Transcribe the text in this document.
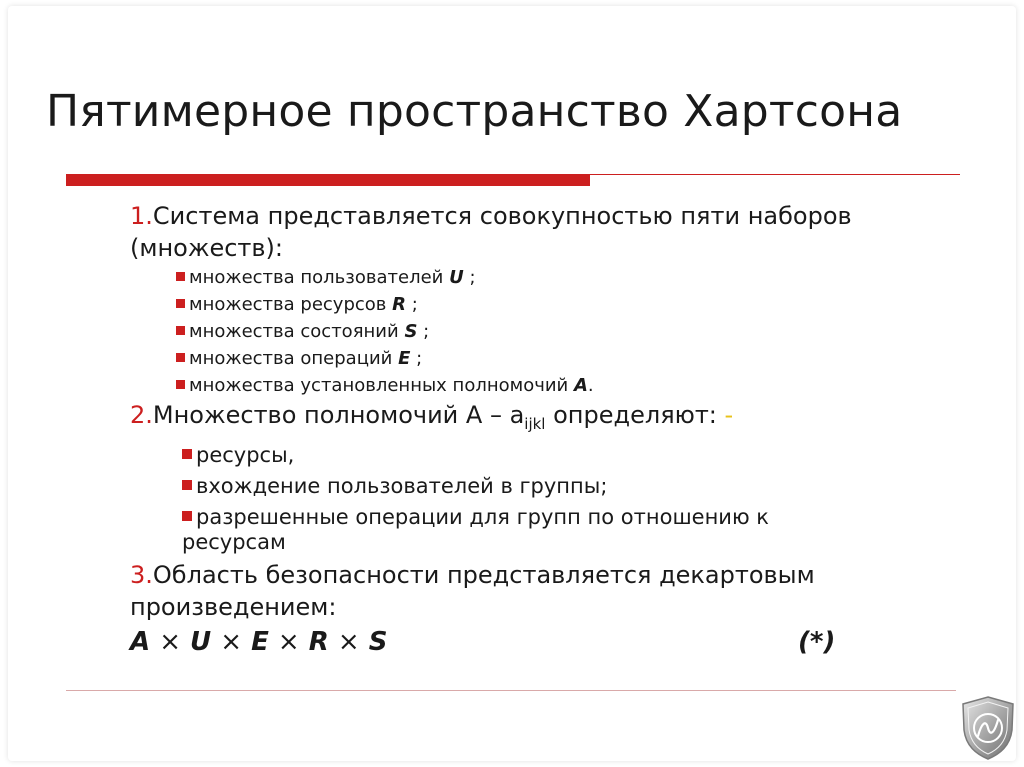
Пятимерное пространство Хартсона
1.Система представляется совокупностью пяти наборов (множеств):
множества пользователей U ;
множества ресурсов R ;
множества состояний S ;
множества операций E ;
множества установленных полномочий A.
2.Множество полномочий А – $a_{ijkl}$ определяют: -
ресурсы,
вхождение пользователей в группы;
разрешенные операции для групп по отношению к
ресурсам
3.Область безопасности представляется декартовым произведением:
A × U × E × R × S	(*)
